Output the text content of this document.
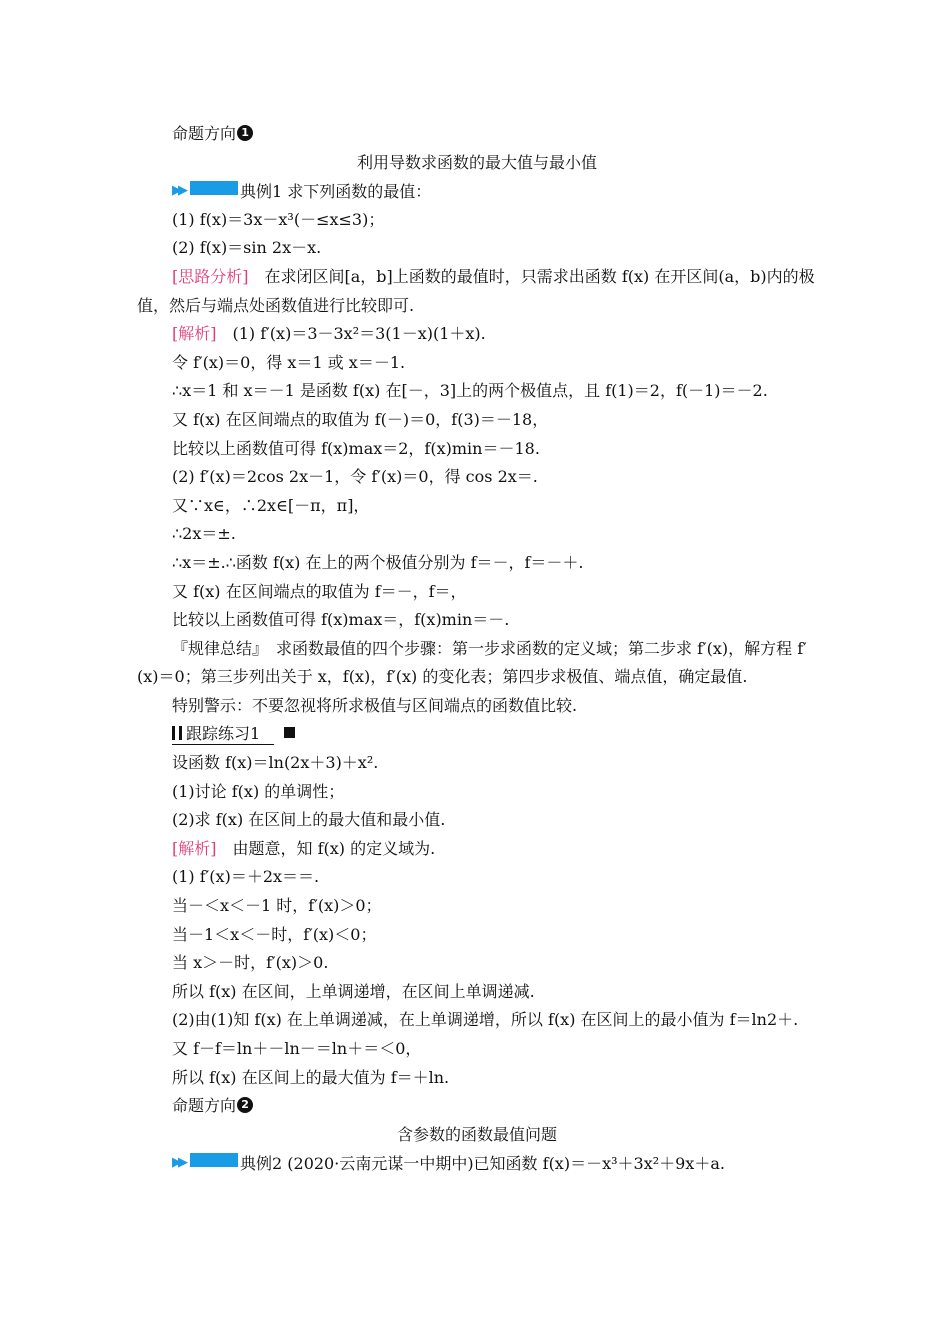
命题方向 1
利用导数求函数的最大值与最小值
▶▶	典例1 求下列函数的最值：
(1) f(x)＝3x－x³(－≤x≤3)；
(2) f(x)＝sin 2x－x.
[思路分析]　在求闭区间[a，b]上函数的最值时，只需求出函数 f(x) 在开区间(a，b)内的极值，然后与端点处函数值进行比较即可.
[解析]　(1) f′(x)＝3－3x²＝3(1－x)(1＋x).
令 f′(x)＝0，得 x＝1 或 x＝－1.
∴x＝1 和 x＝－1 是函数 f(x) 在[－，3]上的两个极值点，且 f(1)＝2，f(－1)＝－2.
又 f(x) 在区间端点的取值为 f(－)＝0，f(3)＝－18，
比较以上函数值可得 f(x)max＝2，f(x)min＝－18.
(2) f′(x)＝2cos 2x－1，令 f′(x)＝0，得 cos 2x＝.
又∵x∈，∴2x∈[－π，π]，
∴2x＝±.
∴x＝±.∴函数 f(x) 在上的两个极值分别为 f＝－，f＝－＋.
又 f(x) 在区间端点的取值为 f＝－，f＝，
比较以上函数值可得 f(x)max＝，f(x)min＝－.
『规律总结』　求函数最值的四个步骤：第一步求函数的定义域；第二步求 f′(x)，解方程 f′(x)＝0；第三步列出关于 x，f(x)，f′(x) 的变化表；第四步求极值、端点值，确定最值.
特别警示：不要忽视将所求极值与区间端点的函数值比较.
跟踪练习1
设函数 f(x)＝ln(2x＋3)＋x².
(1)讨论 f(x) 的单调性；
(2)求 f(x) 在区间上的最大值和最小值.
[解析]　由题意，知 f(x) 的定义域为.
(1) f′(x)＝＋2x＝＝.
当－＜x＜－1 时，f′(x)＞0；
当－1＜x＜－时，f′(x)＜0；
当 x＞－时，f′(x)＞0.
所以 f(x) 在区间，上单调递增，在区间上单调递减.
(2)由(1)知 f(x) 在上单调递减，在上单调递增，所以 f(x) 在区间上的最小值为 f＝ln2＋.
又 f－f＝ln＋－ln－＝ln＋＝＜0，
所以 f(x) 在区间上的最大值为 f＝＋ln.
命题方向 2
含参数的函数最值问题
▶▶	典例2 (2020·云南元谋一中期中)已知函数 f(x)＝－x³＋3x²＋9x＋a.
